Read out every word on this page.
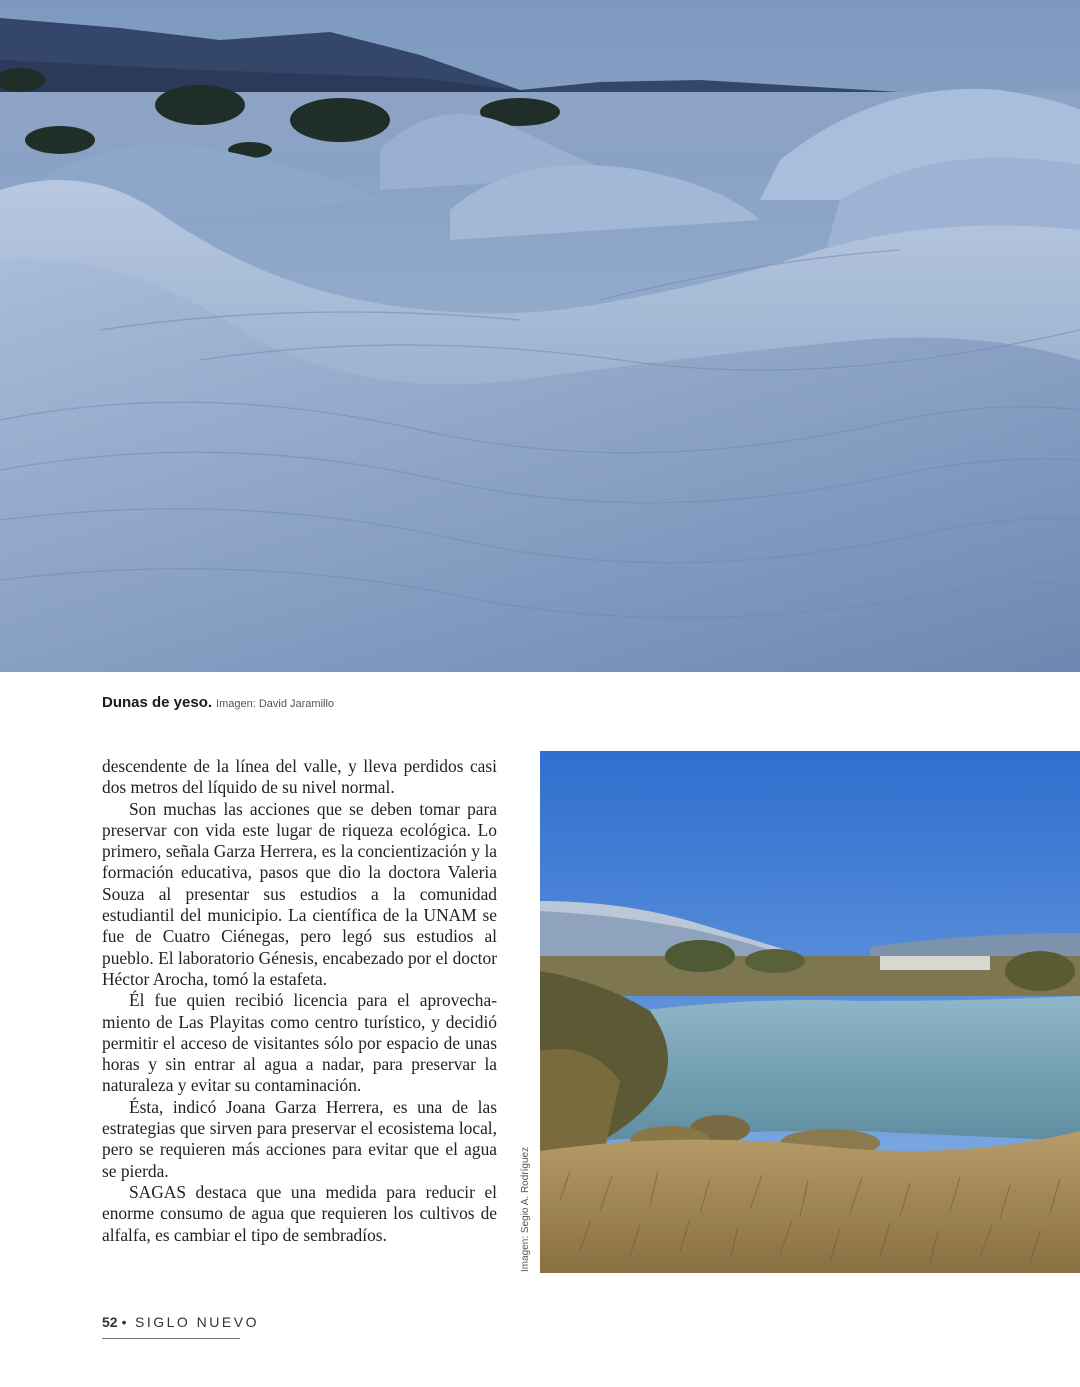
Dunas de yeso. Imagen: David Jaramillo

descendente de la línea del valle, y lleva perdidos casi dos metros del líquido de su nivel normal.

Son muchas las acciones que se deben tomar para preservar con vida este lugar de riqueza ecológica. Lo primero, señala Garza Herrera, es la concientización y la formación educativa, pasos que dio la doctora Valeria Souza al presentar sus estudios a la comunidad estudiantil del municipio. La científica de la UNAM se fue de Cuatro Ciénegas, pero legó sus estudios al pueblo. El laboratorio Génesis, encabezado por el doctor Héctor Arocha, tomó la estafeta.

Él fue quien recibió licencia para el aprovechamiento de Las Playitas como centro turístico, y decidió permitir el acceso de visitantes sólo por espacio de unas horas y sin entrar al agua a nadar, para preservar la naturaleza y evitar su contaminación.

Ésta, indicó Joana Garza Herrera, es una de las estrategias que sirven para preservar el ecosistema local, pero se requieren más acciones para evitar que el agua se pierda.

SAGAS destaca que una medida para reducir el enorme consumo de agua que requieren los cultivos de alfalfa, es cambiar el tipo de sembradíos.	Imagen: Segio A. Rodríguez
52 • SIGLO NUEVO
